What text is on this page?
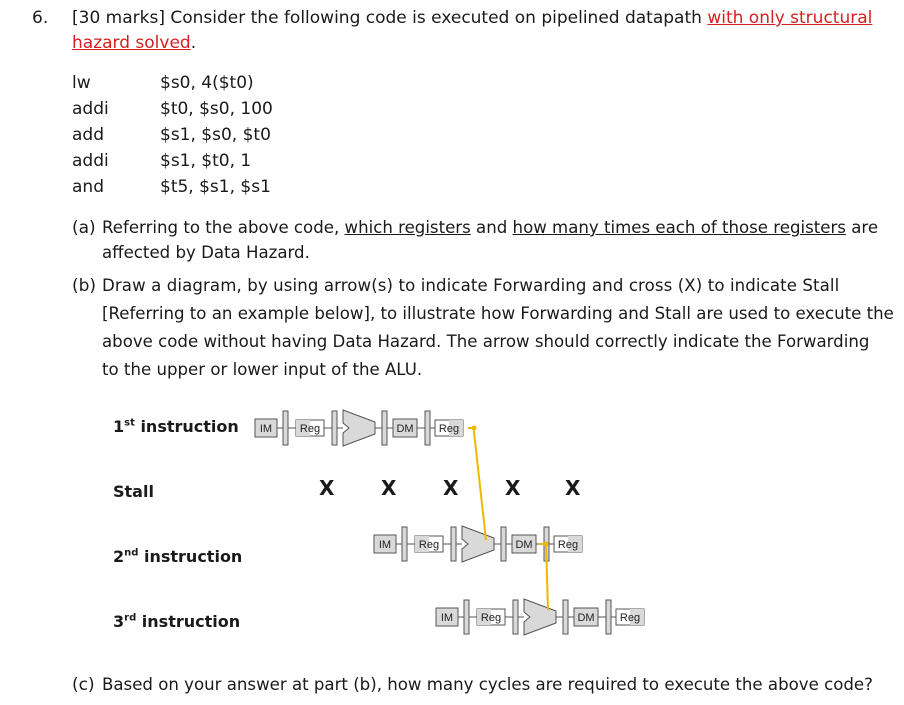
6. [30 marks] Consider the following code is executed on pipelined datapath with only structural
hazard solved.
lw	$s0, 4($t0)
addi	$t0, $s0, 100
add	$s1, $s0, $t0
addi	$s1, $t0, 1
and	$t5, $s1, $s1
(a) Referring to the above code, which registers and how many times each of those registers are
affected by Data Hazard.
(b) Draw a diagram, by using arrow(s) to indicate Forwarding and cross (X) to indicate Stall
[Referring to an example below], to illustrate how Forwarding and Stall are used to execute the
above code without having Data Hazard. The arrow should correctly indicate the Forwarding
to the upper or lower input of the ALU.
1st instruction
Stall
2nd instruction
3rd instruction
X X X X X
IM	Reg	DM Reg
IM	Reg	DM Reg
IM	Reg	DM Reg
(c) Based on your answer at part (b), how many cycles are required to execute the above code?
